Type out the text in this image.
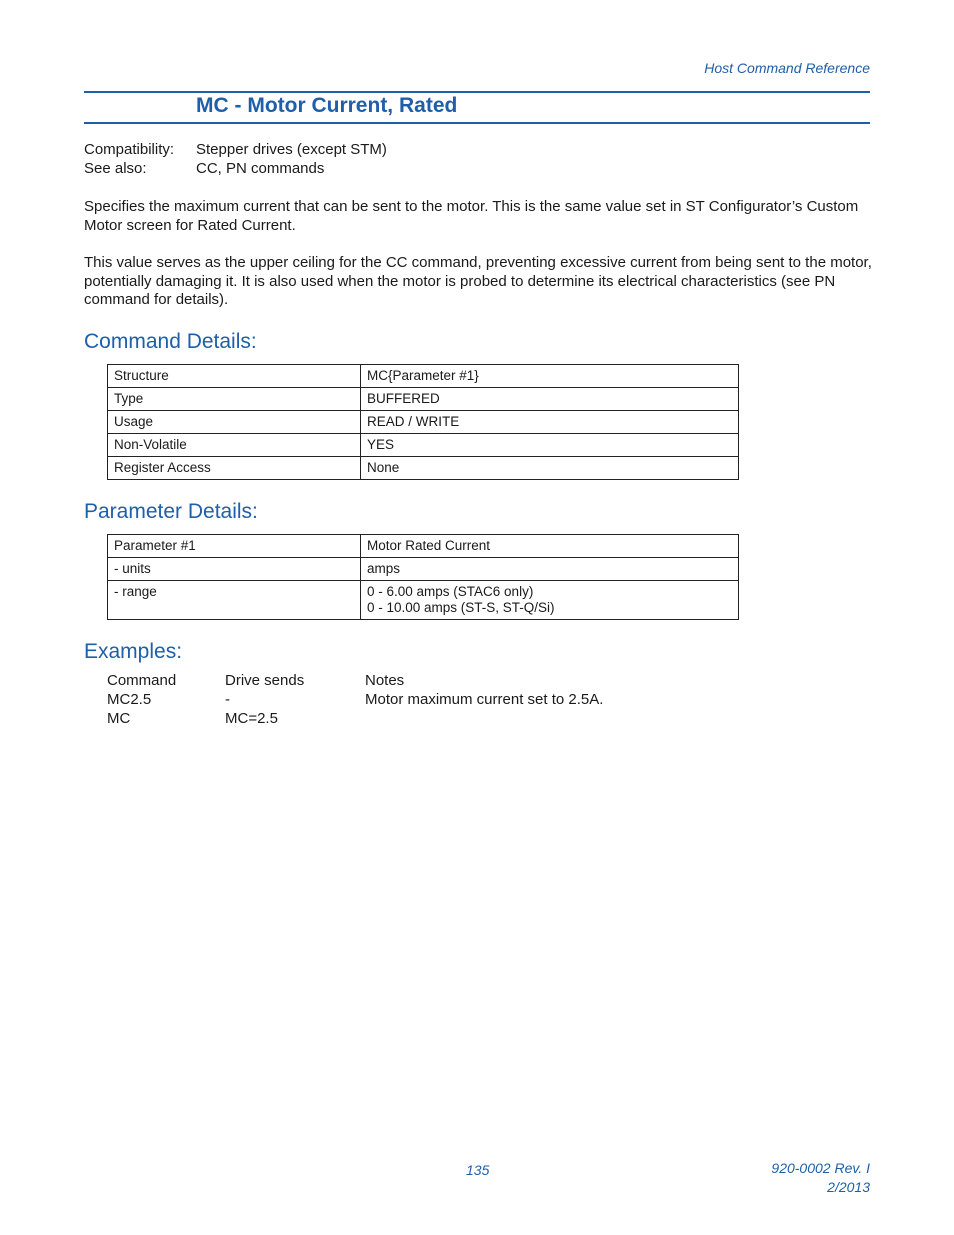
Host Command Reference
MC - Motor Current, Rated
Compatibility: Stepper drives (except STM)
See also:	CC, PN commands
Specifies the maximum current that can be sent to the motor. This is the same value set in ST Configurator’s Custom Motor screen for Rated Current.
This value serves as the upper ceiling for the CC command, preventing excessive current from being sent to the motor, potentially damaging it. It is also used when the motor is probed to determine its electrical characteristics (see PN command for details).
Command Details:
Structure	MC{Parameter #1}
Type	BUFFERED
Usage	READ / WRITE
Non-Volatile	YES
Register Access	None
Parameter Details:
Parameter #1	Motor Rated Current
- units	amps
- range	0 - 6.00 amps (STAC6 only)
0 - 10.00 amps (ST-S, ST-Q/Si)
Examples:
Command	Drive sends	Notes
MC2.5	-	Motor maximum current set to 2.5A.
MC	MC=2.5
135	920-0002 Rev. I
2/2013
